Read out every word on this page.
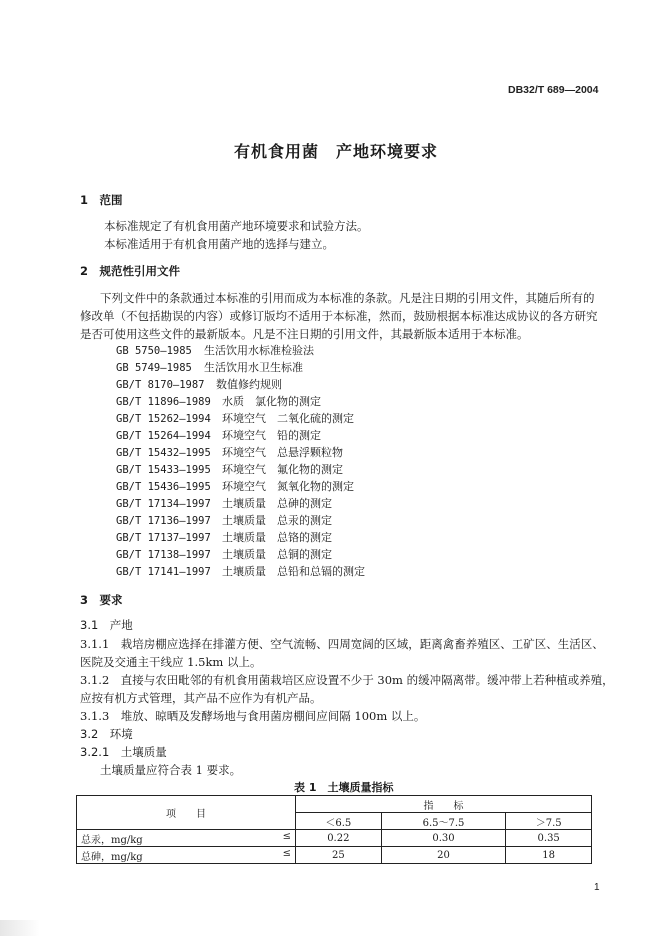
DB32/T 689—2004
有机食用菌　产地环境要求
1　范围
本标准规定了有机食用菌产地环境要求和试验方法。
本标准适用于有机食用菌产地的选择与建立。
2　规范性引用文件
下列文件中的条款通过本标准的引用而成为本标准的条款。凡是注日期的引用文件，其随后所有的
修改单（不包括勘误的内容）或修订版均不适用于本标准，然而，鼓励根据本标准达成协议的各方研究
是否可使用这些文件的最新版本。凡是不注日期的引用文件，其最新版本适用于本标准。
GB 5750—1985 生活饮用水标准检验法
GB 5749—1985 生活饮用水卫生标准
GB/T 8170—1987 数值修约规则
GB/T 11896—1989 水质　氯化物的测定
GB/T 15262—1994 环境空气　二氧化硫的测定
GB/T 15264—1994 环境空气　铅的测定
GB/T 15432—1995 环境空气　总悬浮颗粒物
GB/T 15433—1995 环境空气　氟化物的测定
GB/T 15436—1995 环境空气　氮氧化物的测定
GB/T 17134—1997 土壤质量　总砷的测定
GB/T 17136—1997 土壤质量　总汞的测定
GB/T 17137—1997 土壤质量　总铬的测定
GB/T 17138—1997 土壤质量　总铜的测定
GB/T 17141—1997 土壤质量　总铅和总镉的测定
3　要求
3.1　产地
3.1.1　栽培房棚应选择在排灌方便、空气流畅、四周宽阔的区域，距离禽畜养殖区、工矿区、生活区、
医院及交通主干线应 1.5km 以上。
3.1.2　直接与农田毗邻的有机食用菌栽培区应设置不少于 30m 的缓冲隔离带。缓冲带上若种植或养殖，
应按有机方式管理，其产品不应作为有机产品。
3.1.3　堆放、晾晒及发酵场地与食用菌房棚间应间隔 100m 以上。
3.2　环境
3.2.1　土壤质量
土壤质量应符合表 1 要求。
表 1　土壤质量指标
项　　目	指　　标		
	＜6.5	6.5～7.5	＞7.5
总汞，mg/kg ≤	0.22	0.30	0.35
总砷，mg/kg ≤	25	20	18
1
